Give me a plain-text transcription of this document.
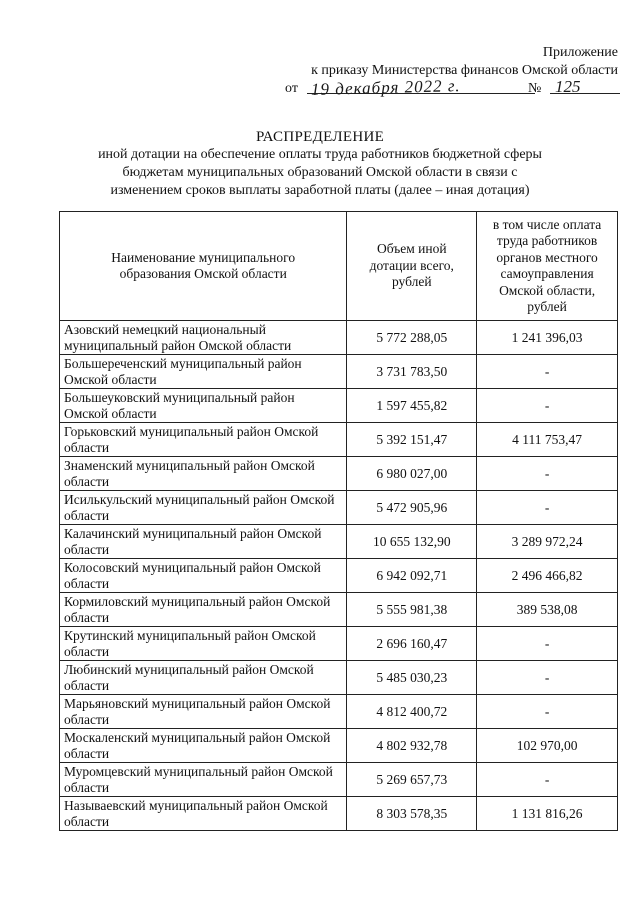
Приложение
к приказу Министерства финансов Омской области
от 19 декабря 2022 г.	№ 125
РАСПРЕДЕЛЕНИЕ
иной дотации на обеспечение оплаты труда работников бюджетной сферы бюджетам муниципальных образований Омской области в связи с изменением сроков выплаты заработной платы (далее – иная дотация)
Наименование муниципального образования Омской области	Объем иной дотации всего, рублей	в том числе оплата труда работников органов местного самоуправления Омской области, рублей
Азовский немецкий национальный муниципальный район Омской области	5 772 288,05	1 241 396,03
Большереченский муниципальный район Омской области	3 731 783,50	-
Большеуковский муниципальный район Омской области	1 597 455,82	-
Горьковский муниципальный район Омской области	5 392 151,47	4 111 753,47
Знаменский муниципальный район Омской области	6 980 027,00	-
Исилькульский муниципальный район Омской области	5 472 905,96	-
Калачинский муниципальный район Омской области	10 655 132,90	3 289 972,24
Колосовский муниципальный район Омской области	6 942 092,71	2 496 466,82
Кормиловский муниципальный район Омской области	5 555 981,38	389 538,08
Крутинский муниципальный район Омской области	2 696 160,47	-
Любинский муниципальный район Омской области	5 485 030,23	-
Марьяновский муниципальный район Омской области	4 812 400,72	-
Москаленский муниципальный район Омской области	4 802 932,78	102 970,00
Муромцевский муниципальный район Омской области	5 269 657,73	-
Называевский муниципальный район Омской области	8 303 578,35	1 131 816,26
